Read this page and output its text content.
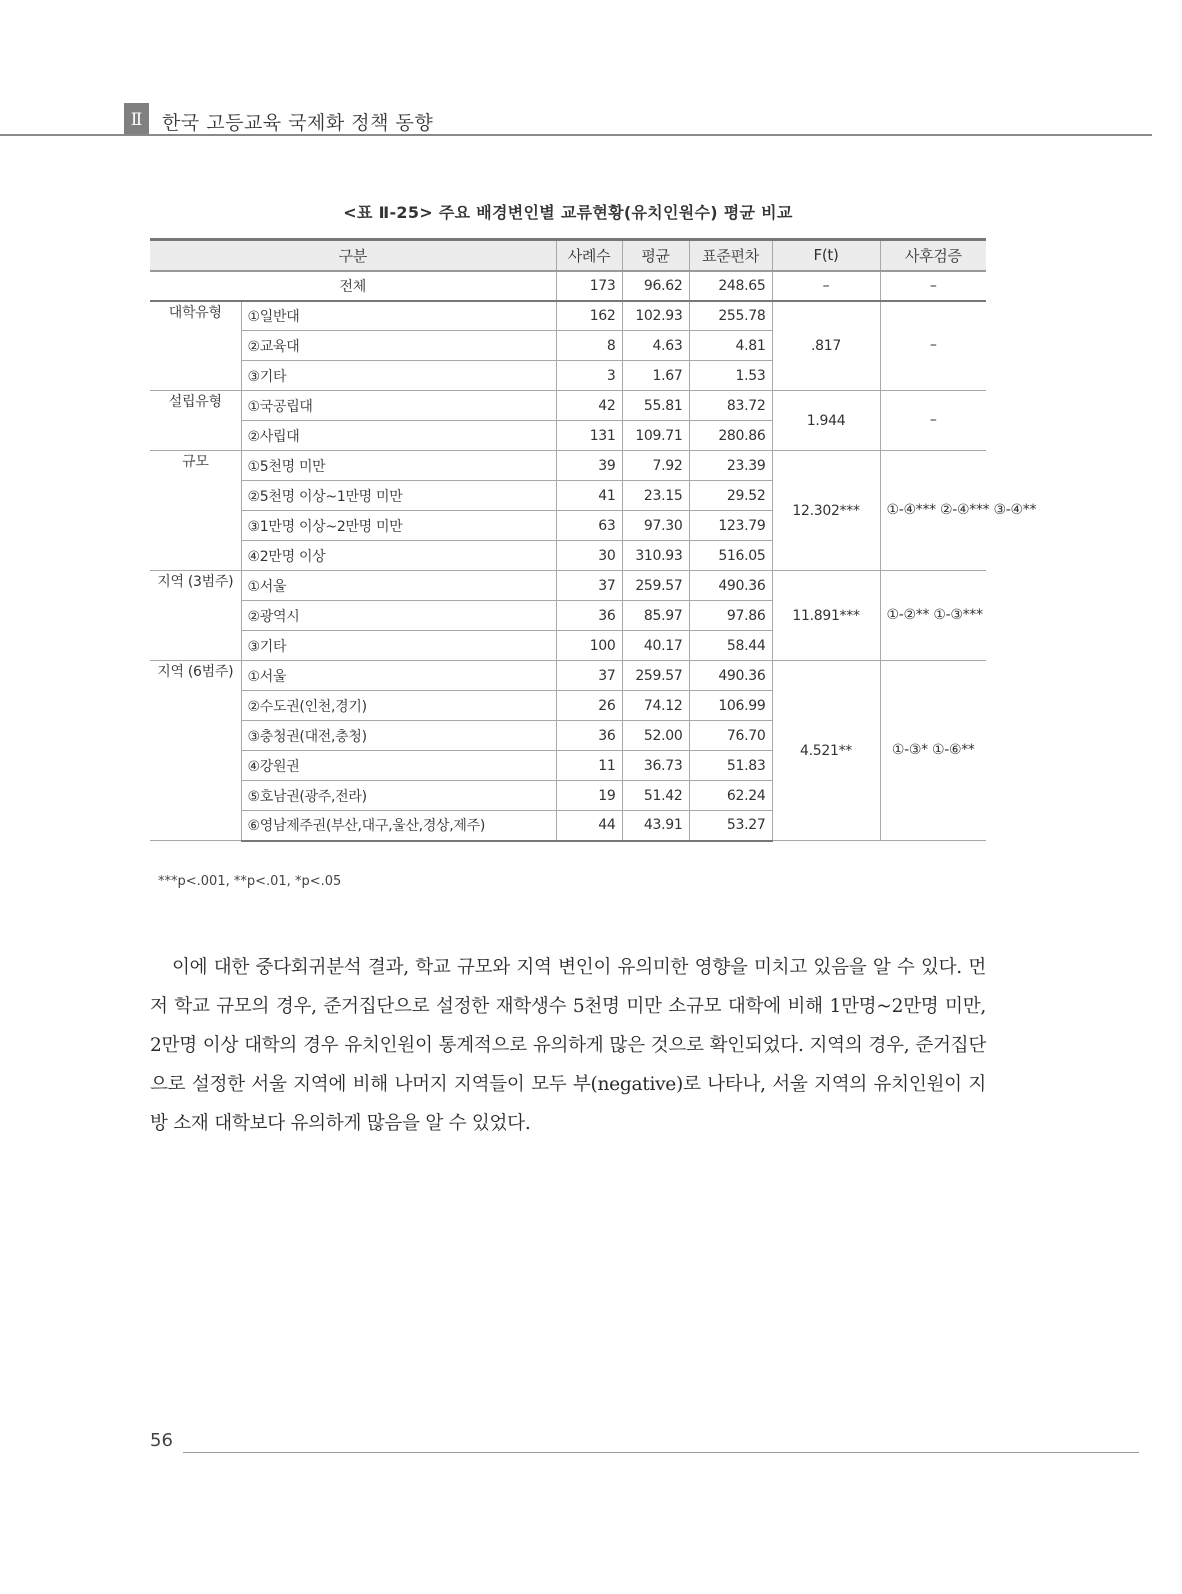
Ⅱ	한국 고등교육 국제화 정책 동향
<표 Ⅱ-25> 주요 배경변인별 교류현황(유치인원수) 평균 비교
구분		사례수	평균	표준편차	F(t)	사후검증
전체		173	96.62	248.65	–	–
대학유형	①일반대	162	102.93	255.78	.817	–
	②교육대	8	4.63	4.81		
	③기타	3	1.67	1.53		
설립유형	①국공립대	42	55.81	83.72	1.944	–
	②사립대	131	109.71	280.86		
규모	①5천명 미만	39	7.92	23.39	12.302***	①-④*** ②-④*** ③-④**
	②5천명 이상~1만명 미만	41	23.15	29.52		
	③1만명 이상~2만명 미만	63	97.30	123.79		
	④2만명 이상	30	310.93	516.05		
지역 (3범주)	①서울	37	259.57	490.36	11.891***	①-②** ①-③***
	②광역시	36	85.97	97.86		
	③기타	100	40.17	58.44		
지역 (6범주)	①서울	37	259.57	490.36	4.521**	①-③* ①-⑥**
	②수도권(인천,경기)	26	74.12	106.99		
	③충청권(대전,충청)	36	52.00	76.70		
	④강원권	11	36.73	51.83		
	⑤호남권(광주,전라)	19	51.42	62.24		
	⑥영남제주권(부산,대구,울산,경상,제주)	44	43.91	53.27		
***p<.001, **p<.01, *p<.05
이에 대한 중다회귀분석 결과, 학교 규모와 지역 변인이 유의미한 영향을 미치고 있음을 알 수 있다. 먼저 학교 규모의 경우, 준거집단으로 설정한 재학생수 5천명 미만 소규모 대학에 비해 1만명~2만명 미만, 2만명 이상 대학의 경우 유치인원이 통계적으로 유의하게 많은 것으로 확인되었다. 지역의 경우, 준거집단으로 설정한 서울 지역에 비해 나머지 지역들이 모두 부(negative)로 나타나, 서울 지역의 유치인원이 지방 소재 대학보다 유의하게 많음을 알 수 있었다.
56
